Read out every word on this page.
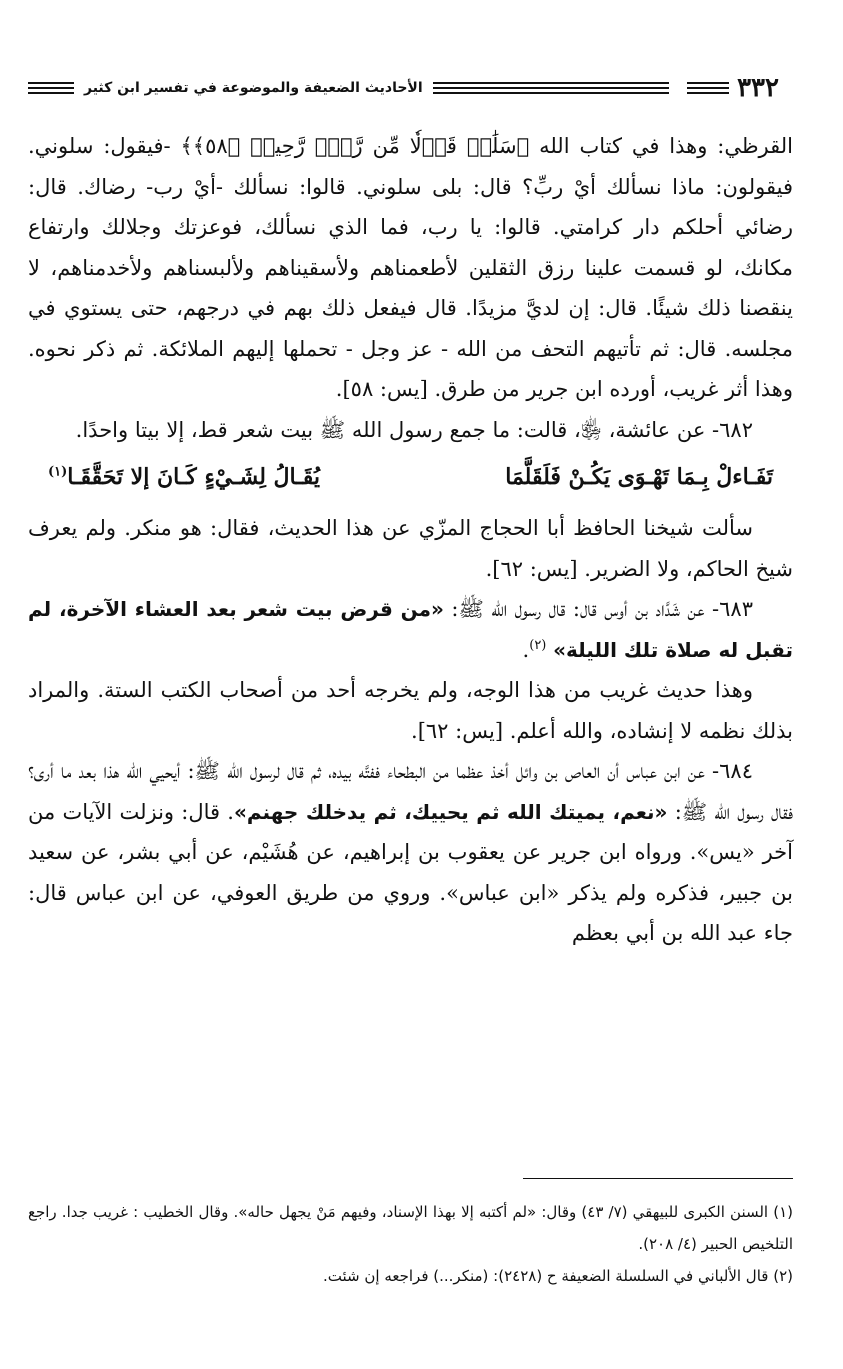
٣٣٢
الأحاديث الضعيفة والموضوعة في تفسير ابن كثير

القرظي: وهذا في كتاب الله ﴿سَلَٰمٞ قَوۡلٗا مِّن رَّبّٖ رَّحِيمٖ ﴿٥٨﴾﴾ -فيقول: سلوني. فيقولون: ماذا نسألك أيْ ربِّ؟ قال: بلى سلوني. قالوا: نسألك -أيْ رب- رضاك. قال: رضائي أحلكم دار كرامتي. قالوا: يا رب، فما الذي نسألك، فوعزتك وجلالك وارتفاع مكانك، لو قسمت علينا رزق الثقلين لأطعمناهم ولأسقيناهم ولألبسناهم ولأخدمناهم، لا ينقصنا ذلك شيئًا. قال: إن لديَّ مزيدًا. قال فيفعل ذلك بهم في درجهم، حتى يستوي في مجلسه. قال: ثم تأتيهم التحف من الله - عز وجل - تحملها إليهم الملائكة. ثم ذكر نحوه. وهذا أثر غريب، أورده ابن جرير من طرق. [يس: ٥٨].

٦٨٢- عن عائشة، ﵂، قالت: ما جمع رسول الله ﷺ بيت شعر قط، إلا بيتا واحدًا.

تَفَـاءلْ بِـمَا تَهْـوَى يَكُـنْ فَلَقَلَّمَا
يُقَـالُ لِشَـيْءٍ كَـانَ إلا تَحَقَّقَـا$^{(١)}$

سألت شيخنا الحافظ أبا الحجاج المزّي عن هذا الحديث، فقال: هو منكر. ولم يعرف شيخ الحاكم، ولا الضرير. [يس: ٦٢].

٦٨٣- عن شَدَّاد بن أوس قال: قال رسول الله ﷺ: «من قرض بيت شعر بعد العشاء الآخرة، لم تقبل له صلاة تلك الليلة» $^{(٢)}$.

وهذا حديث غريب من هذا الوجه، ولم يخرجه أحد من أصحاب الكتب الستة. والمراد بذلك نظمه لا إنشاده، والله أعلم. [يس: ٦٢].

٦٨٤- عن ابن عباس أن العاص بن وائل أخذ عظما من البطحاء ففتَّه بيده، ثم قال لرسول الله ﷺ: أيحيي الله هذا بعد ما أرى؟ فقال رسول الله ﷺ: «نعم، يميتك الله ثم يحييك، ثم يدخلك جهنم». قال: ونزلت الآيات من آخر «يس». ورواه ابن جرير عن يعقوب بن إبراهيم، عن هُشَيْم، عن أبي بشر، عن سعيد بن جبير، فذكره ولم يذكر «ابن عباس». وروي من طريق العوفي، عن ابن عباس قال: جاء عبد الله بن أبي بعظم

(١) السنن الكبرى للبيهقي (٧/ ٤٣) وقال: «لم أكتبه إلا بهذا الإسناد، وفيهم مَنْ يجهل حاله». وقال الخطيب : غريب جدا. راجع التلخيص الحبير (٤/ ٢٠٨).

(٢) قال الألباني في السلسلة الضعيفة ح (٢٤٢٨): (منكر...) فراجعه إن شئت.
